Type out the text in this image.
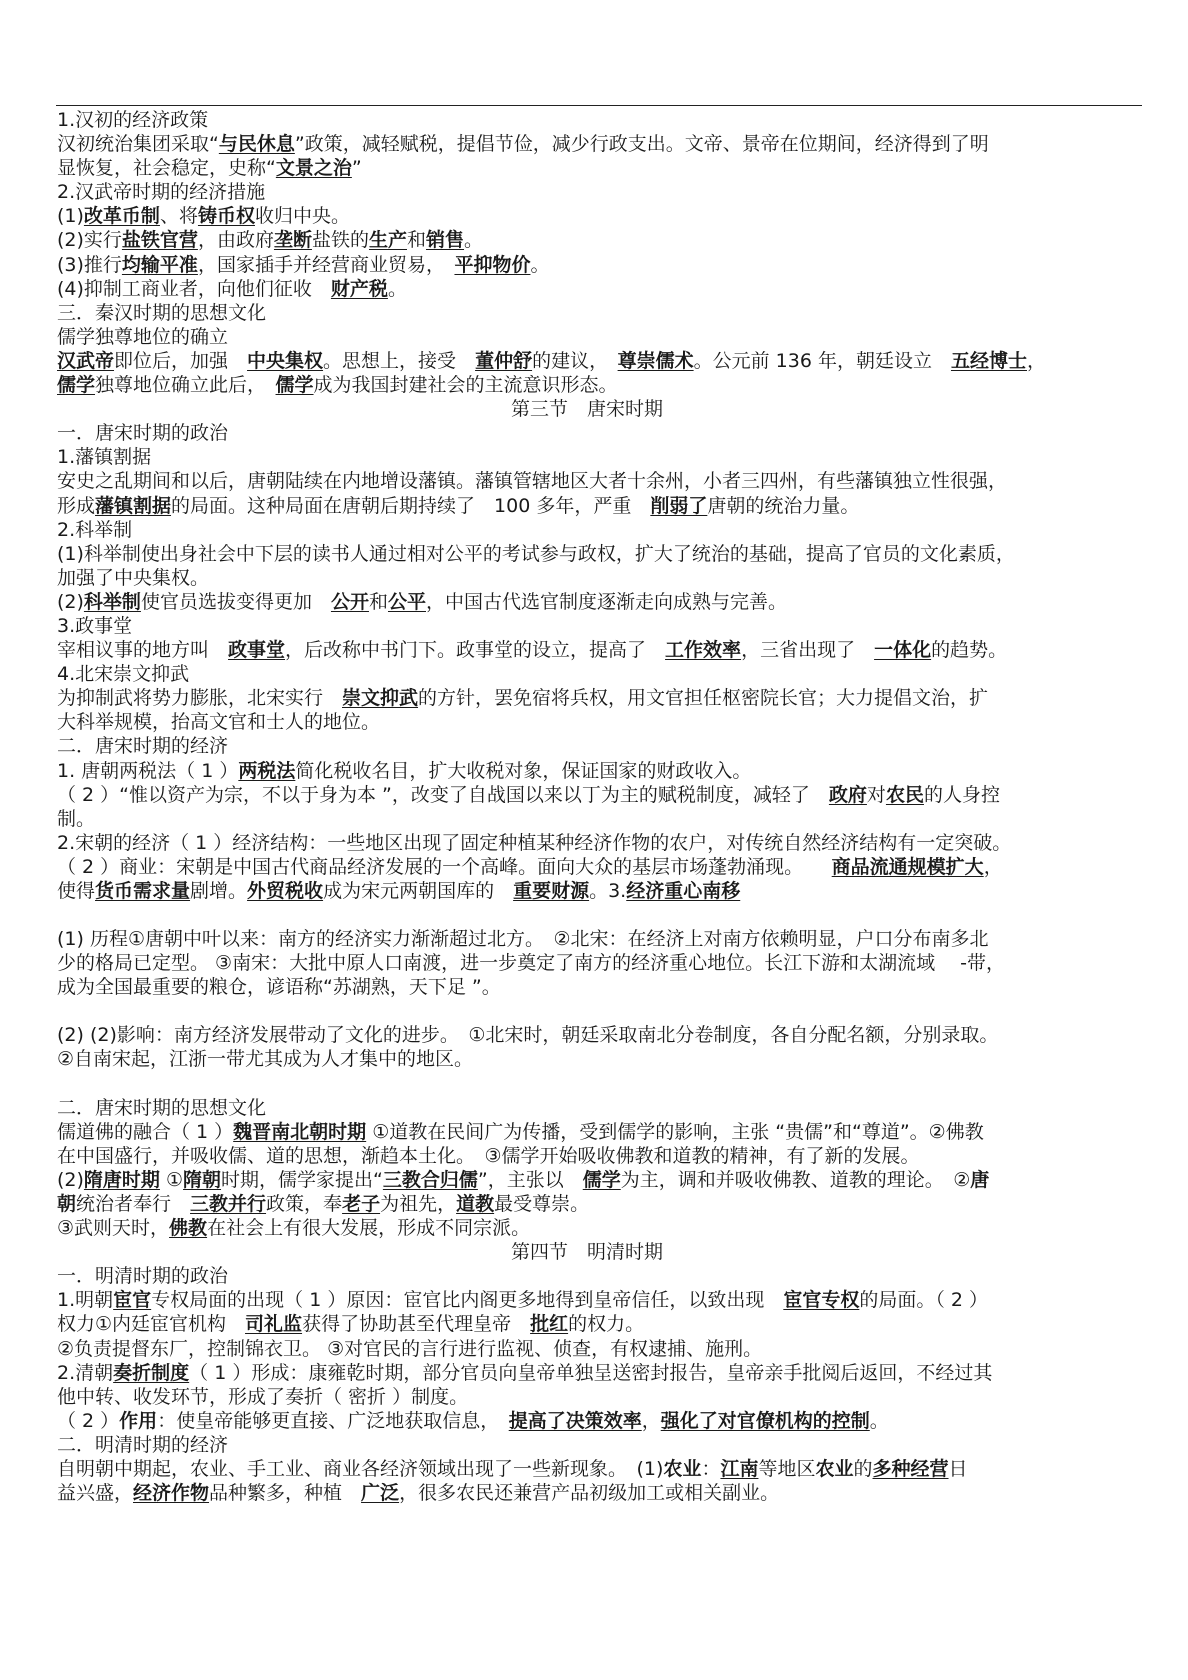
1.汉初的经济政策
汉初统治集团采取“与民休息”政策，减轻赋税，提倡节俭，减少行政支出。文帝、景帝在位期间，经济得到了明
显恢复，社会稳定，史称“文景之治”
2.汉武帝时期的经济措施
(1)改革币制、将铸币权收归中央。
(2)实行盐铁官营，由政府垄断盐铁的生产和销售。
(3)推行均输平准，国家插手并经营商业贸易，　平抑物价。
(4)抑制工商业者，向他们征收　财产税。
三．秦汉时期的思想文化
儒学独尊地位的确立
汉武帝即位后，加强　中央集权。思想上，接受　董仲舒的建议，　尊崇儒术。公元前 136 年，朝廷设立　五经博士，
儒学独尊地位确立此后，　儒学成为我国封建社会的主流意识形态。
第三节　唐宋时期
一．唐宋时期的政治
1.藩镇割据
安史之乱期间和以后，唐朝陆续在内地增设藩镇。藩镇管辖地区大者十余州，小者三四州，有些藩镇独立性很强，
形成藩镇割据的局面。这种局面在唐朝后期持续了　100 多年，严重　削弱了唐朝的统治力量。
2.科举制
(1)科举制使出身社会中下层的读书人通过相对公平的考试参与政权，扩大了统治的基础，提高了官员的文化素质，
加强了中央集权。
(2)科举制使官员选拔变得更加　公开和公平，中国古代选官制度逐渐走向成熟与完善。
3.政事堂
宰相议事的地方叫　政事堂，后改称中书门下。政事堂的设立，提高了　工作效率，三省出现了　一体化的趋势。
4.北宋崇文抑武
为抑制武将势力膨胀，北宋实行　崇文抑武的方针，罢免宿将兵权，用文官担任枢密院长官；大力提倡文治，扩
大科举规模，抬高文官和士人的地位。
二．唐宋时期的经济
1. 唐朝两税法（ 1 ）两税法简化税收名目，扩大收税对象，保证国家的财政收入。
（ 2 ）“惟以资产为宗，不以于身为本 ”，改变了自战国以来以丁为主的赋税制度，减轻了　政府对农民的人身控
制。
2.宋朝的经济（ 1 ）经济结构：一些地区出现了固定种植某种经济作物的农户，对传统自然经济结构有一定突破。
（ 2 ）商业：宋朝是中国古代商品经济发展的一个高峰。面向大众的基层市场蓬勃涌现。　　商品流通规模扩大，
使得货币需求量剧增。外贸税收成为宋元两朝国库的　重要财源。3.经济重心南移
(1) 历程①唐朝中叶以来：南方的经济实力渐渐超过北方。　②北宋：在经济上对南方依赖明显，户口分布南多北
少的格局已定型。 ③南宋：大批中原人口南渡，进一步奠定了南方的经济重心地位。长江下游和太湖流域　 -带，
成为全国最重要的粮仓，谚语称“苏湖熟，天下足 ”。
(2) (2)影响：南方经济发展带动了文化的进步。　①北宋时，朝廷采取南北分卷制度，各自分配名额，分别录取。
②自南宋起，江浙一带尤其成为人才集中的地区。
二．唐宋时期的思想文化
儒道佛的融合（ 1 ）魏晋南北朝时期 ①道教在民间广为传播，受到儒学的影响，主张 “贵儒”和“尊道”。②佛教
在中国盛行，并吸收儒、道的思想，渐趋本土化。　③儒学开始吸收佛教和道教的精神，有了新的发展。
(2)隋唐时期 ①隋朝时期，儒学家提出“三教合归儒”，主张以　儒学为主，调和并吸收佛教、道教的理论。　②唐
朝统治者奉行　三教并行政策，奉老子为祖先，道教最受尊崇。
③武则天时，佛教在社会上有很大发展，形成不同宗派。
第四节　明清时期
一．明清时期的政治
1.明朝宦官专权局面的出现（ 1 ）原因：宦官比内阁更多地得到皇帝信任，以致出现　宦官专权的局面。（ 2 ）
权力①内廷宦官机构　司礼监获得了协助甚至代理皇帝　批红的权力。
②负责提督东厂，控制锦衣卫。 ③对官民的言行进行监视、侦查，有权逮捕、施刑。
2.清朝奏折制度（ 1 ）形成：康雍乾时期，部分官员向皇帝单独呈送密封报告，皇帝亲手批阅后返回，不经过其
他中转、收发环节，形成了奏折（ 密折 ）制度。
（ 2 ）作用：使皇帝能够更直接、广泛地获取信息，　提高了决策效率，强化了对官僚机构的控制。
二．明清时期的经济
自明朝中期起，农业、手工业、商业各经济领域出现了一些新现象。　(1)农业：江南等地区农业的多种经营日
益兴盛，经济作物品种繁多，种植　广泛，很多农民还兼营产品初级加工或相关副业。
